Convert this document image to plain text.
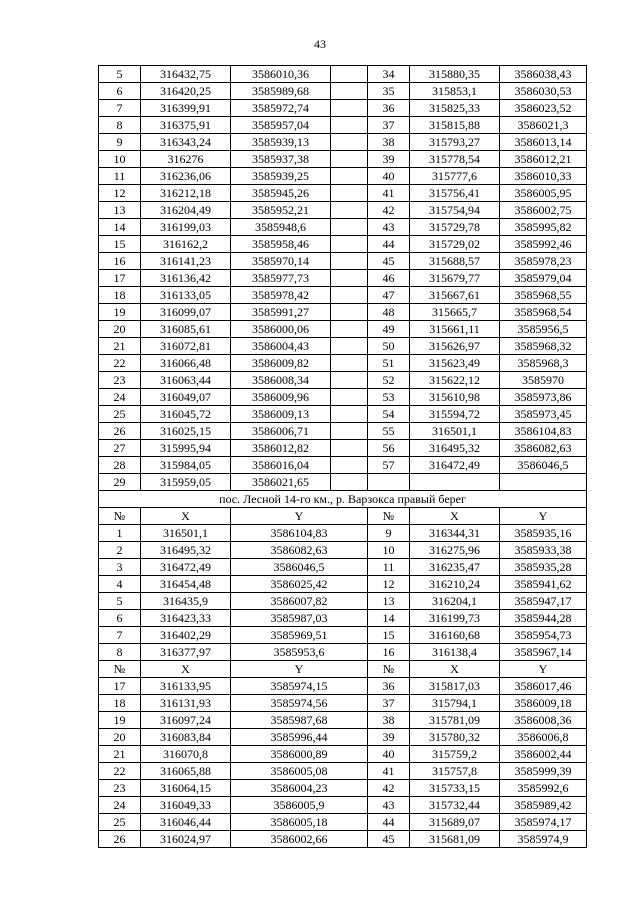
43
5	316432,75	3586010,36		34	315880,35	3586038,43
6	316420,25	3585989,68		35	315853,1	3586030,53
7	316399,91	3585972,74		36	315825,33	3586023,52
8	316375,91	3585957,04		37	315815,88	3586021,3
9	316343,24	3585939,13		38	315793,27	3586013,14
10	316276	3585937,38		39	315778,54	3586012,21
11	316236,06	3585939,25		40	315777,6	3586010,33
12	316212,18	3585945,26		41	315756,41	3586005,95
13	316204,49	3585952,21		42	315754,94	3586002,75
14	316199,03	3585948,6		43	315729,78	3585995,82
15	316162,2	3585958,46		44	315729,02	3585992,46
16	316141,23	3585970,14		45	315688,57	3585978,23
17	316136,42	3585977,73		46	315679,77	3585979,04
18	316133,05	3585978,42		47	315667,61	3585968,55
19	316099,07	3585991,27		48	315665,7	3585968,54
20	316085,61	3586000,06		49	315661,11	3585956,5
21	316072,81	3586004,43		50	315626,97	3585968,32
22	316066,48	3586009,82		51	315623,49	3585968,3
23	316063,44	3586008,34		52	315622,12	3585970
24	316049,07	3586009,96		53	315610,98	3585973,86
25	316045,72	3586009,13		54	315594,72	3585973,45
26	316025,15	3586006,71		55	316501,1	3586104,83
27	315995,94	3586012,82		56	316495,32	3586082,63
28	315984,05	3586016,04		57	316472,49	3586046,5
29	315959,05	3586021,65				
пос. Лесной 14-го км., р. Варзокса правый берег						
№	X	Y		№	X	Y
1	316501,1	3586104,83		9	316344,31	3585935,16
2	316495,32	3586082,63		10	316275,96	3585933,38
3	316472,49	3586046,5		11	316235,47	3585935,28
4	316454,48	3586025,42		12	316210,24	3585941,62
5	316435,9	3586007,82		13	316204,1	3585947,17
6	316423,33	3585987,03		14	316199,73	3585944,28
7	316402,29	3585969,51		15	316160,68	3585954,73
8	316377,97	3585953,6		16	316138,4	3585967,14
№	X	Y		№	X	Y
17	316133,95	3585974,15		36	315817,03	3586017,46
18	316131,93	3585974,56		37	315794,1	3586009,18
19	316097,24	3585987,68		38	315781,09	3586008,36
20	316083,84	3585996,44		39	315780,32	3586006,8
21	316070,8	3586000,89		40	315759,2	3586002,44
22	316065,88	3586005,08		41	315757,8	3585999,39
23	316064,15	3586004,23		42	315733,15	3585992,6
24	316049,33	3586005,9		43	315732,44	3585989,42
25	316046,44	3586005,18		44	315689,07	3585974,17
26	316024,97	3586002,66		45	315681,09	3585974,9
